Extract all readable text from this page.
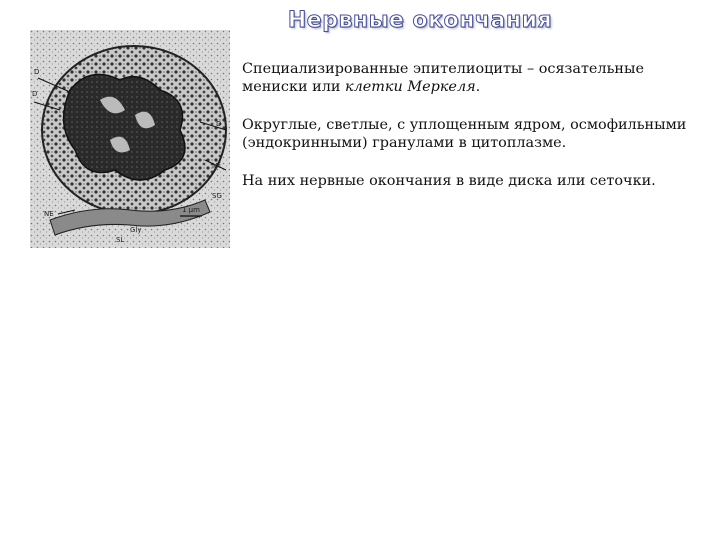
Нервные окончания
D
D
D
Mf
SG
NE
Gly
SL
1 μm

Специализированные эпителиоциты – осязательные мениски или клетки Меркеля.

Округлые, светлые, с уплощенным ядром, осмофильными (эндокринными) гранулами в цитоплазме.

На них нервные окончания в виде диска или сеточки.
